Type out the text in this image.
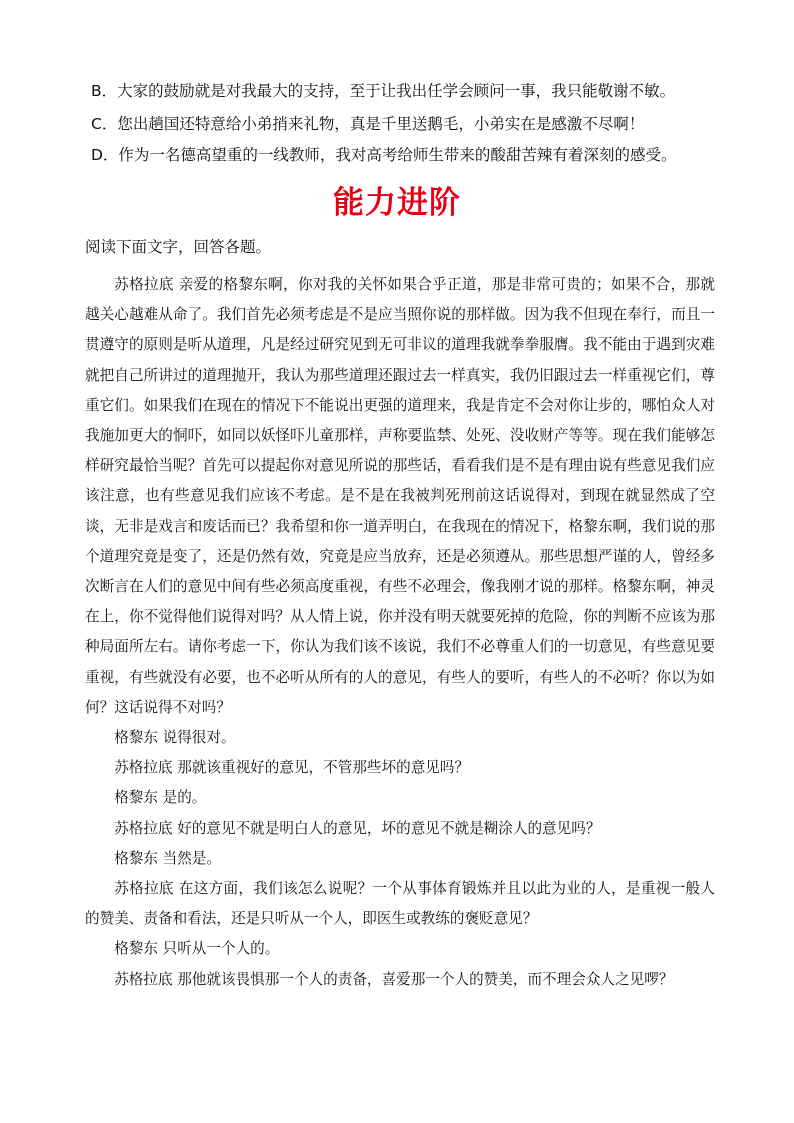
B．大家的鼓励就是对我最大的支持，至于让我出任学会顾问一事，我只能敬谢不敏。
C．您出趟国还特意给小弟捎来礼物，真是千里送鹅毛，小弟实在是感激不尽啊！
D．作为一名德高望重的一线教师，我对高考给师生带来的酸甜苦辣有着深刻的感受。
能力进阶
阅读下面文字，回答各题。

苏格拉底 亲爱的格黎东啊，你对我的关怀如果合乎正道，那是非常可贵的；如果不合，那就越关心越难从命了。我们首先必须考虑是不是应当照你说的那样做。因为我不但现在奉行，而且一贯遵守的原则是听从道理，凡是经过研究见到无可非议的道理我就拳拳服膺。我不能由于遇到灾难就把自己所讲过的道理抛开，我认为那些道理还跟过去一样真实，我仍旧跟过去一样重视它们，尊重它们。如果我们在现在的情况下不能说出更强的道理来，我是肯定不会对你让步的，哪怕众人对我施加更大的恫吓，如同以妖怪吓儿童那样，声称要监禁、处死、没收财产等等。现在我们能够怎样研究最恰当呢？首先可以提起你对意见所说的那些话，看看我们是不是有理由说有些意见我们应该注意，也有些意见我们应该不考虑。是不是在我被判死刑前这话说得对，到现在就显然成了空谈，无非是戏言和废话而已？我希望和你一道弄明白，在我现在的情况下，格黎东啊，我们说的那个道理究竟是变了，还是仍然有效，究竟是应当放弃，还是必须遵从。那些思想严谨的人，曾经多次断言在人们的意见中间有些必须高度重视，有些不必理会，像我刚才说的那样。格黎东啊，神灵在上，你不觉得他们说得对吗？从人情上说，你并没有明天就要死掉的危险，你的判断不应该为那种局面所左右。请你考虑一下，你认为我们该不该说，我们不必尊重人们的一切意见，有些意见要重视，有些就没有必要，也不必听从所有的人的意见，有些人的要听，有些人的不必听？你以为如何？这话说得不对吗？

格黎东 说得很对。

苏格拉底 那就该重视好的意见，不管那些坏的意见吗？

格黎东 是的。

苏格拉底 好的意见不就是明白人的意见，坏的意见不就是糊涂人的意见吗？

格黎东 当然是。

苏格拉底 在这方面，我们该怎么说呢？一个从事体育锻炼并且以此为业的人，是重视一般人的赞美、责备和看法，还是只听从一个人，即医生或教练的褒贬意见？

格黎东 只听从一个人的。

苏格拉底 那他就该畏惧那一个人的责备，喜爱那一个人的赞美，而不理会众人之见啰？
